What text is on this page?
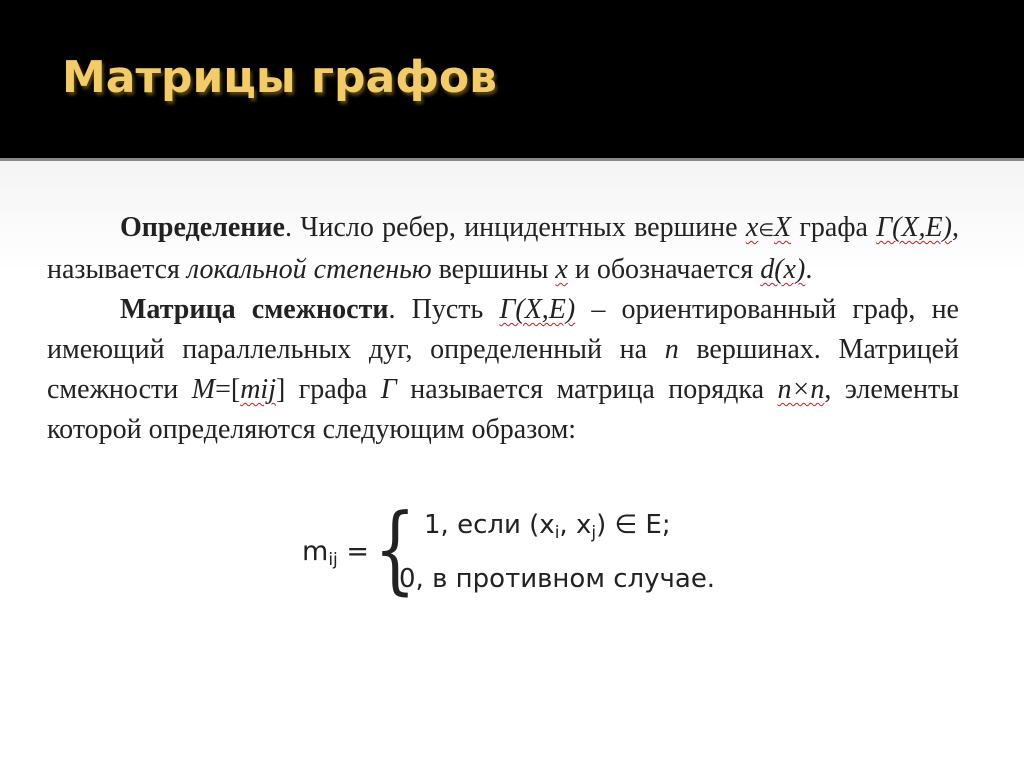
Матрицы графов

Определение. Число ребер, инцидентных вершине x∈X графа Г(X,E), называется локальной степенью вершины x и обозначается d(x).

Матрица смежности. Пусть Г(X,E) – ориентированный граф, не имеющий параллельных дуг, определенный на n вершинах. Матрицей смежности M=[mij] графа Г называется матрица порядка n×n, элементы которой определяются следующим образом:

$m_{ij}$ = { 1, если ($x_i$, $x_j$) ∈ E;
0, в противном случае.
